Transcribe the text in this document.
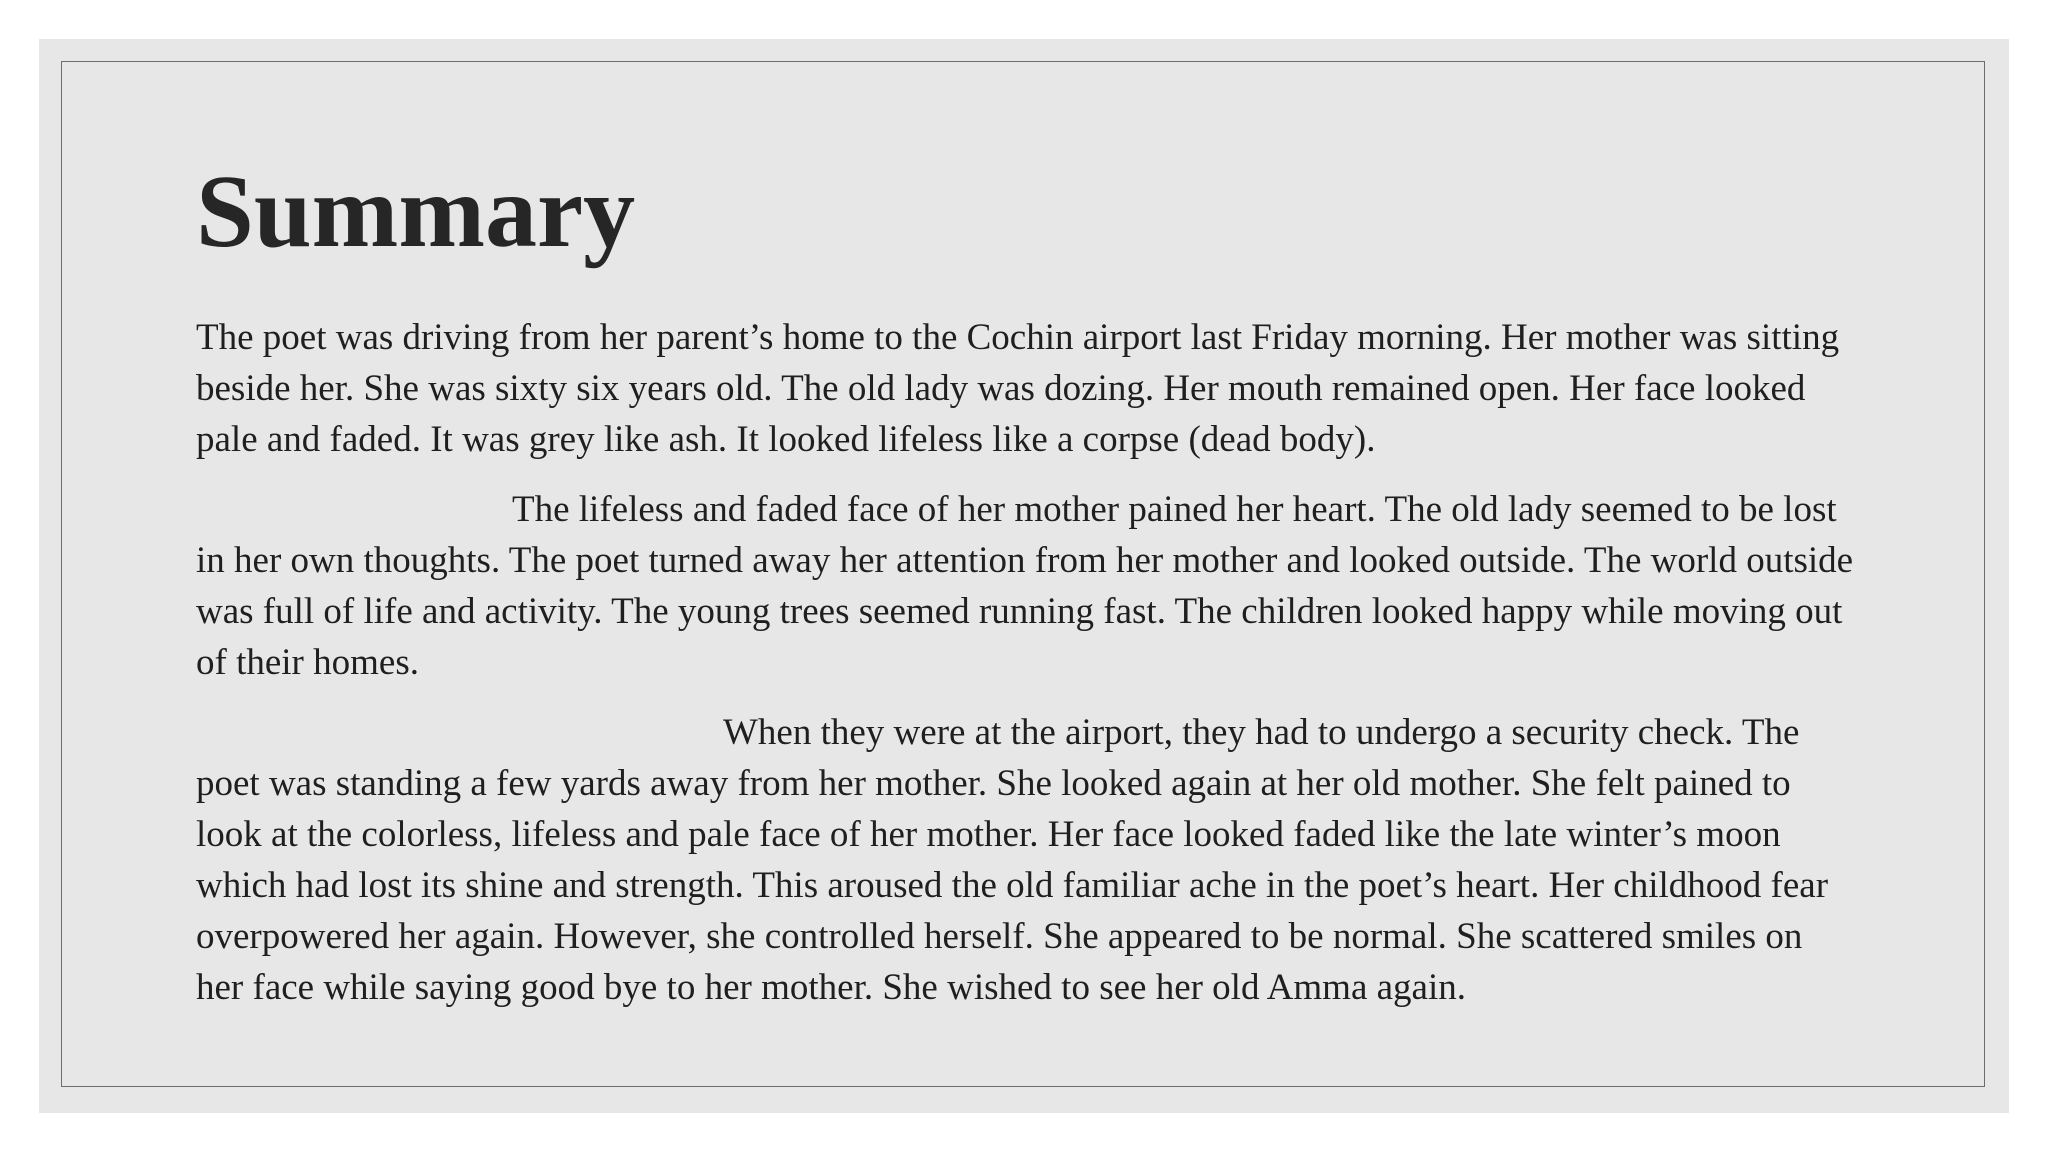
Summary

The poet was driving from her parent’s home to the Cochin airport last Friday morning. Her mother was sitting beside her. She was sixty six years old. The old lady was dozing. Her mouth remained open. Her face looked pale and faded. It was grey like ash. It looked lifeless like a corpse (dead body).

The lifeless and faded face of her mother pained her heart. The old lady seemed to be lost in her own thoughts. The poet turned away her attention from her mother and looked outside. The world outside was full of life and activity. The young trees seemed running fast. The children looked happy while moving out of their homes.

When they were at the airport, they had to undergo a security check. The poet was standing a few yards away from her mother. She looked again at her old mother. She felt pained to look at the colorless, lifeless and pale face of her mother. Her face looked faded like the late winter’s moon which had lost its shine and strength. This aroused the old familiar ache in the poet’s heart. Her childhood fear overpowered her again. However, she controlled herself. She appeared to be normal. She scattered smiles on her face while saying good bye to her mother. She wished to see her old Amma again.
